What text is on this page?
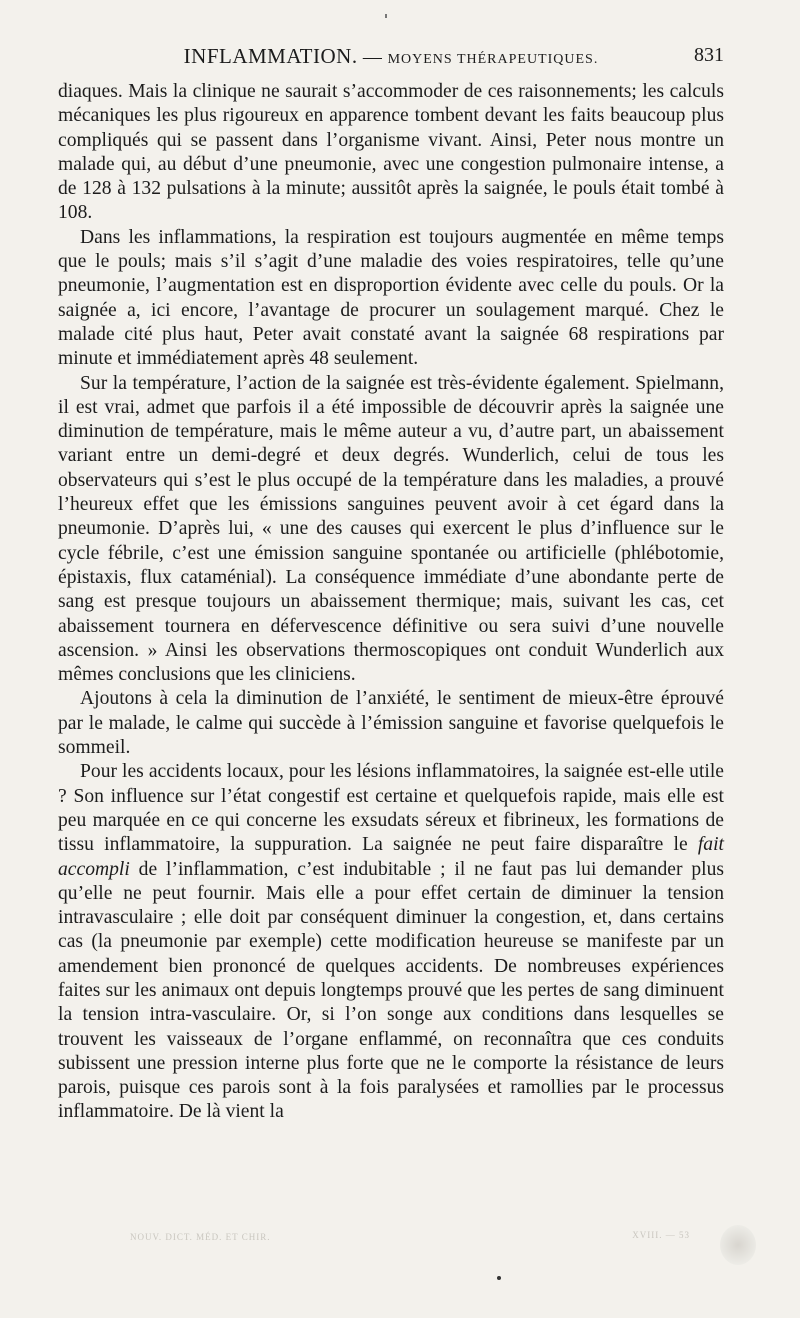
INFLAMMATION. — MOYENS THÉRAPEUTIQUES.	831

diaques. Mais la clinique ne saurait s’accommoder de ces raisonnements; les calculs mécaniques les plus rigoureux en apparence tombent devant les faits beaucoup plus compliqués qui se passent dans l’organisme vivant. Ainsi, Peter nous montre un malade qui, au début d’une pneumonie, avec une congestion pulmonaire intense, a de 128 à 132 pulsations à la minute; aussitôt après la saignée, le pouls était tombé à 108.

Dans les inflammations, la respiration est toujours augmentée en même temps que le pouls; mais s’il s’agit d’une maladie des voies respiratoires, telle qu’une pneumonie, l’augmentation est en disproportion évidente avec celle du pouls. Or la saignée a, ici encore, l’avantage de procurer un soulagement marqué. Chez le malade cité plus haut, Peter avait constaté avant la saignée 68 respirations par minute et immédiatement après 48 seulement.

Sur la température, l’action de la saignée est très-évidente également. Spielmann, il est vrai, admet que parfois il a été impossible de découvrir après la saignée une diminution de température, mais le même auteur a vu, d’autre part, un abaissement variant entre un demi-degré et deux degrés. Wunderlich, celui de tous les observateurs qui s’est le plus occupé de la température dans les maladies, a prouvé l’heureux effet que les émissions sanguines peuvent avoir à cet égard dans la pneumonie. D’après lui, « une des causes qui exercent le plus d’influence sur le cycle fébrile, c’est une émission sanguine spontanée ou artificielle (phlébotomie, épistaxis, flux cataménial). La conséquence immédiate d’une abondante perte de sang est presque toujours un abaissement thermique; mais, suivant les cas, cet abaissement tournera en défervescence définitive ou sera suivi d’une nouvelle ascension. » Ainsi les observations thermoscopiques ont conduit Wunderlich aux mêmes conclusions que les cliniciens.

Ajoutons à cela la diminution de l’anxiété, le sentiment de mieux-être éprouvé par le malade, le calme qui succède à l’émission sanguine et favorise quelquefois le sommeil.

Pour les accidents locaux, pour les lésions inflammatoires, la saignée est-elle utile ? Son influence sur l’état congestif est certaine et quelquefois rapide, mais elle est peu marquée en ce qui concerne les exsudats séreux et fibrineux, les formations de tissu inflammatoire, la suppuration. La saignée ne peut faire disparaître le fait accompli de l’inflammation, c’est indubitable ; il ne faut pas lui demander plus qu’elle ne peut fournir. Mais elle a pour effet certain de diminuer la tension intravasculaire ; elle doit par conséquent diminuer la congestion, et, dans certains cas (la pneumonie par exemple) cette modification heureuse se manifeste par un amendement bien prononcé de quelques accidents. De nombreuses expériences faites sur les animaux ont depuis longtemps prouvé que les pertes de sang diminuent la tension intra-vasculaire. Or, si l’on songe aux conditions dans lesquelles se trouvent les vaisseaux de l’organe enflammé, on reconnaîtra que ces conduits subissent une pression interne plus forte que ne le comporte la résistance de leurs parois, puisque ces parois sont à la fois paralysées et ramollies par le processus inflammatoire. De là vient la

NOUV. DICT. MÉD. ET CHIR.	XVIII. — 53
